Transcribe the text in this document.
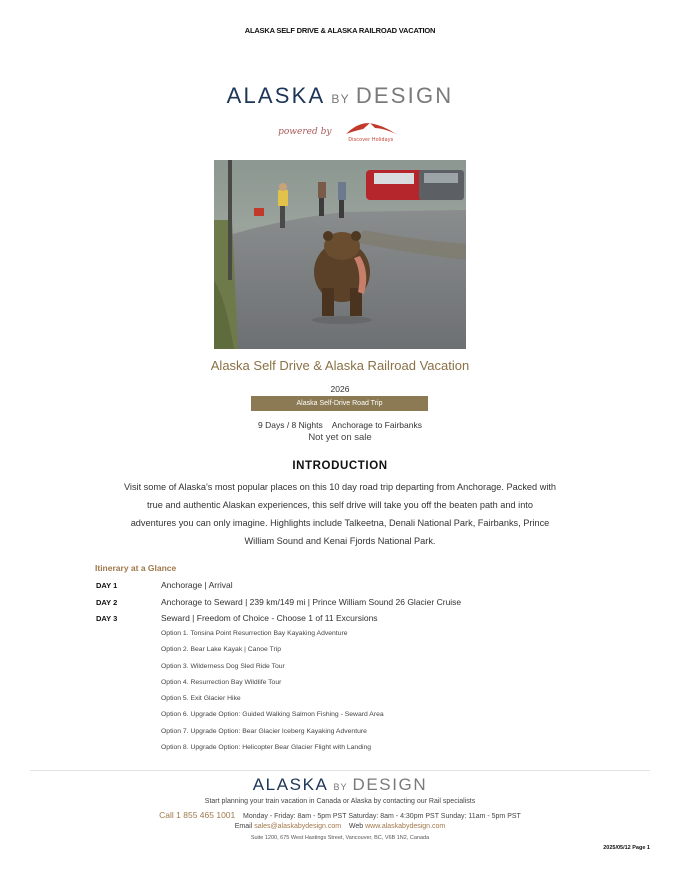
ALASKA SELF DRIVE & ALASKA RAILROAD VACATION
ALASKA BY DESIGN
powered by
Discover Holidays
Alaska Self Drive & Alaska Railroad Vacation
2026
Alaska Self-Drive Road Trip
9 Days / 8 Nights Anchorage to Fairbanks
Not yet on sale
INTRODUCTION
Visit some of Alaska's most popular places on this 10 day road trip departing from Anchorage. Packed with
true and authentic Alaskan experiences, this self drive will take you off the beaten path and into
adventures you can only imagine. Highlights include Talkeetna, Denali National Park, Fairbanks, Prince
William Sound and Kenai Fjords National Park.
Itinerary at a Glance
DAY 1	Anchorage | Arrival
DAY 2	Anchorage to Seward | 239 km/149 mi | Prince William Sound 26 Glacier Cruise
DAY 3	Seward | Freedom of Choice - Choose 1 of 11 Excursions
Option 1. Tonsina Point Resurrection Bay Kayaking Adventure
Option 2. Bear Lake Kayak | Canoe Trip
Option 3. Wilderness Dog Sled Ride Tour
Option 4. Resurrection Bay Wildlife Tour
Option 5. Exit Glacier Hike
Option 6. Upgrade Option: Guided Walking Salmon Fishing - Seward Area
Option 7. Upgrade Option: Bear Glacier Iceberg Kayaking Adventure
Option 8. Upgrade Option: Helicopter Bear Glacier Flight with Landing
ALASKA BY DESIGN
Start planning your train vacation in Canada or Alaska by contacting our Rail specialists
Call 1 855 465 1001 Monday - Friday: 8am - 5pm PST Saturday: 8am - 4:30pm PST Sunday: 11am - 5pm PST
Email sales@alaskabydesign.com Web www.alaskabydesign.com
Suite 1200, 675 West Hastings Street, Vancouver, BC, V6B 1N2, Canada
2025/05/12 Page 1
